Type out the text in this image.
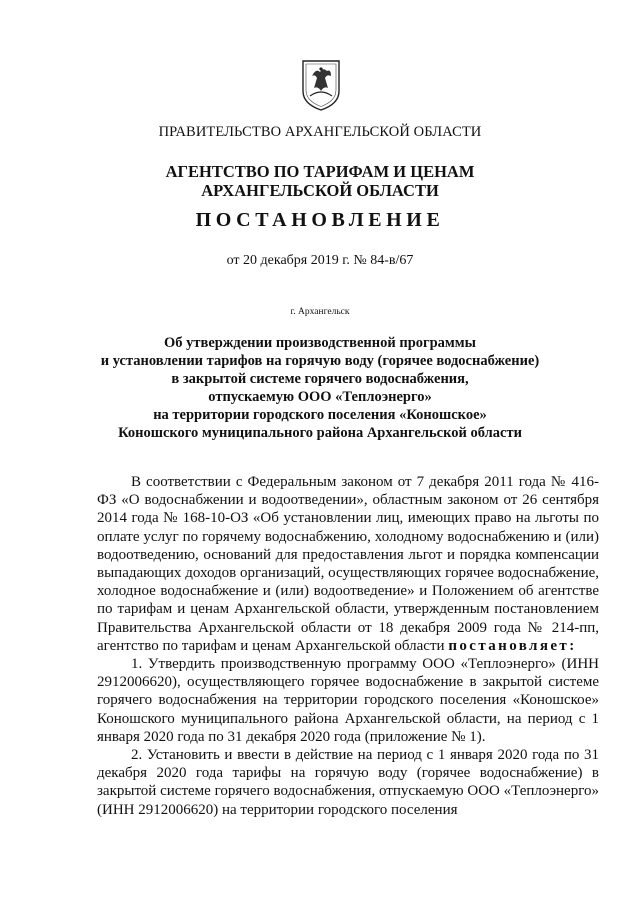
ПРАВИТЕЛЬСТВО АРХАНГЕЛЬСКОЙ ОБЛАСТИ
АГЕНТСТВО ПО ТАРИФАМ И ЦЕНАМ
АРХАНГЕЛЬСКОЙ ОБЛАСТИ
ПОСТАНОВЛЕНИЕ
от 20 декабря 2019 г. № 84-в/67
г. Архангельск
Об утверждении производственной программы
и установлении тарифов на горячую воду (горячее водоснабжение)
в закрытой системе горячего водоснабжения,
отпускаемую ООО «Теплоэнерго»
на территории городского поселения «Коношское»
Коношского муниципального района Архангельской области

В соответствии с Федеральным законом от 7 декабря 2011 года № 416-ФЗ «О водоснабжении и водоотведении», областным законом от 26 сентября 2014 года № 168-10-ОЗ «Об установлении лиц, имеющих право на льготы по оплате услуг по горячему водоснабжению, холодному водоснабжению и (или) водоотведению, оснований для предоставления льгот и порядка компенсации выпадающих доходов организаций, осуществляющих горячее водоснабжение, холодное водоснабжение и (или) водоотведение» и Положением об агентстве по тарифам и ценам Архангельской области, утвержденным постановлением Правительства Архангельской области от 18 декабря 2009 года № 214-пп, агентство по тарифам и ценам Архангельской области постановляет:

1. Утвердить производственную программу ООО «Теплоэнерго» (ИНН 2912006620), осуществляющего горячее водоснабжение в закрытой системе горячего водоснабжения на территории городского поселения «Коношское» Коношского муниципального района Архангельской области, на период с 1 января 2020 года по 31 декабря 2020 года (приложение № 1).

2. Установить и ввести в действие на период с 1 января 2020 года по 31 декабря 2020 года тарифы на горячую воду (горячее водоснабжение) в закрытой системе горячего водоснабжения, отпускаемую ООО «Теплоэнерго» (ИНН 2912006620) на территории городского поселения
